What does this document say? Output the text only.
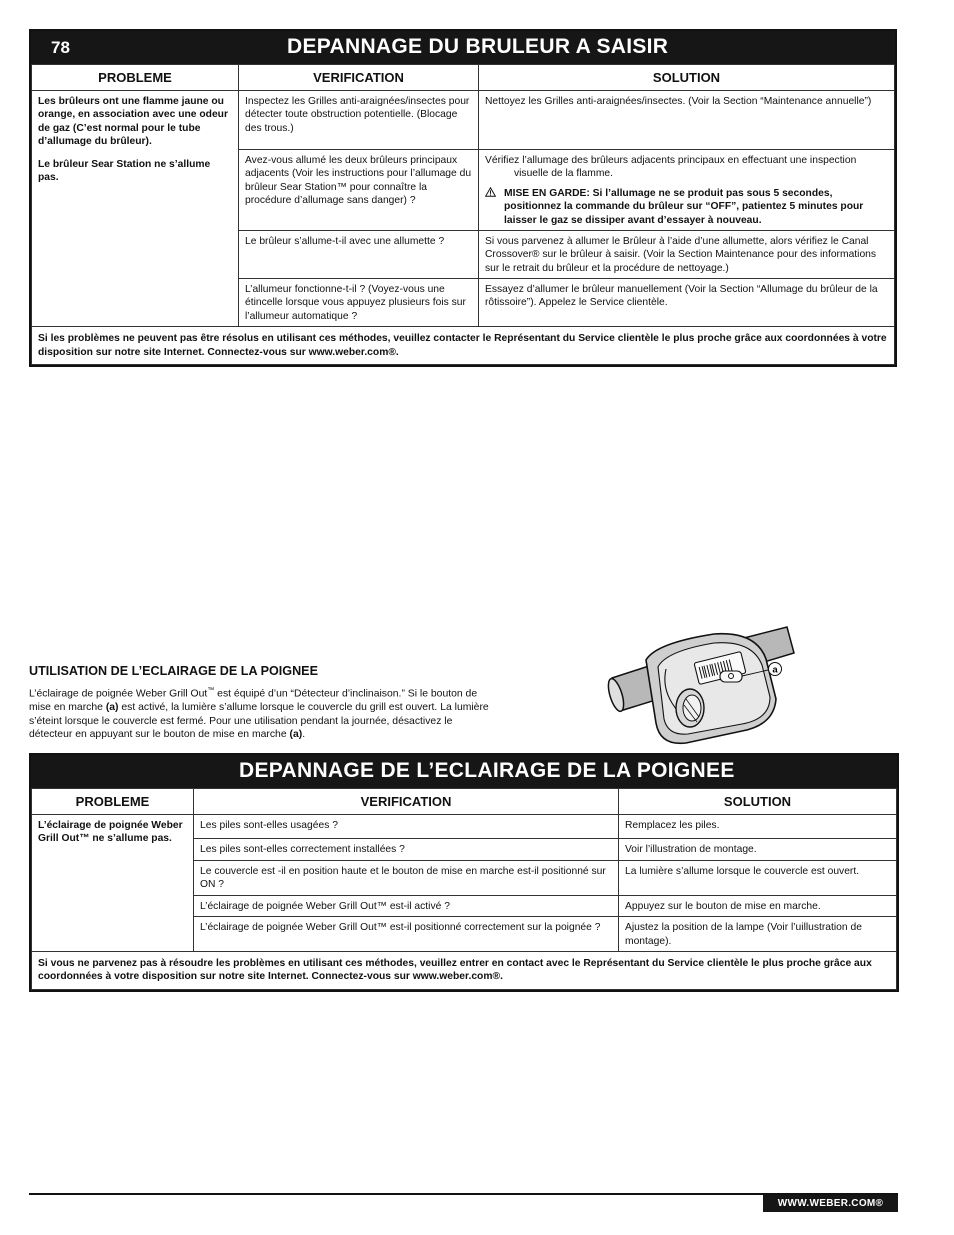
78	DEPANNAGE DU BRULEUR A SAISIR
PROBLEME	VERIFICATION	SOLUTION

Les brûleurs ont une flamme jaune ou orange, en association avec une odeur de gaz (C’est normal pour le tube d’allumage du brûleur).

Le brûleur Sear Station ne s’allume pas.	Inspectez les Grilles anti-araignées/insectes pour détecter toute obstruction potentielle. (Blocage des trous.)	Nettoyez les Grilles anti-araignées/insectes. (Voir la Section “Maintenance annuelle”)
	Avez-vous allumé les deux brûleurs principaux adjacents (Voir les instructions pour l’allumage du brûleur Sear Station™ pour connaître la procédure d’allumage sans danger) ?	Vérifiez l’allumage des brûleurs adjacents principaux en effectuant une inspection
visuelle de la flamme.
MISE EN GARDE: Si l’allumage ne se produit pas sous 5 secondes, positionnez la commande du brûleur sur “OFF”, patientez 5 minutes pour laisser le gaz se dissiper avant d’essayer à nouveau.

	Le brûleur s’allume-t-il avec une allumette ?	Si vous parvenez à allumer le Brûleur à l’aide d’une allumette, alors vérifiez le Canal Crossover® sur le brûleur à saisir. (Voir la Section Maintenance pour des informations sur le retrait du brûleur et la procédure de nettoyage.)
	L’allumeur fonctionne-t-il ? (Voyez-vous une étincelle lorsque vous appuyez plusieurs fois sur l’allumeur automatique ?	Essayez d’allumer le brûleur manuellement (Voir la Section “Allumage du brûleur de la rôtissoire”). Appelez le Service clientèle.
Si les problèmes ne peuvent pas être résolus en utilisant ces méthodes, veuillez contacter le Représentant du Service clientèle le plus proche grâce aux coordonnées à votre disposition sur notre site Internet. Connectez-vous sur www.weber.com®.		
UTILISATION DE L’ECLAIRAGE DE LA POIGNEE
L’éclairage de poignée Weber Grill Out™ est équipé d’un “Détecteur d’inclinaison.” Si le bouton de mise en marche (a) est activé, la lumière s’allume lorsque le couvercle du grill est ouvert. La lumière s’éteint lorsque le couvercle est fermé. Pour une utilisation pendant la journée, désactivez le détecteur en appuyant sur le bouton de mise en marche (a).
a
DEPANNAGE DE L’ECLAIRAGE DE LA POIGNEE
PROBLEME	VERIFICATION	SOLUTION
L’éclairage de poignée Weber Grill Out™ ne s’allume pas.	Les piles sont-elles usagées ?	Remplacez les piles.
	Les piles sont-elles correctement installées ?	Voir l’illustration de montage.
	Le couvercle est -il en position haute et le bouton de mise en marche est-il positionné sur ON ?	La lumière s’allume lorsque le couvercle est ouvert.
	L’éclairage de poignée Weber Grill Out™ est-il activé ?	Appuyez sur le bouton de mise en marche.
	L’éclairage de poignée Weber Grill Out™ est-il positionné correctement sur la poignée ?	Ajustez la position de la lampe (Voir l’uillustration de montage).
Si vous ne parvenez pas à résoudre les problèmes en utilisant ces méthodes, veuillez entrer en contact avec le Représentant du Service clientèle le plus proche grâce aux coordonnées à votre disposition sur notre site Internet. Connectez-vous sur www.weber.com®.		
WWW.WEBER.COM®
